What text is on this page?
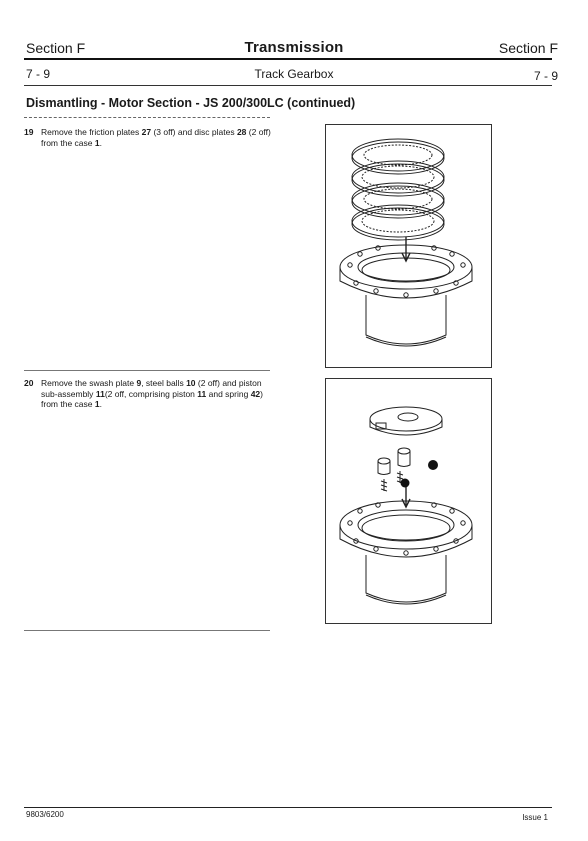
Section F	Transmission	Section F
7 - 9	Track Gearbox	7 - 9
Dismantling - Motor Section - JS 200/300LC (continued)
19 Remove the friction plates 27 (3 off) and disc plates 28 (2 off) from the case 1.
20 Remove the swash plate 9, steel balls 10 (2 off) and piston sub-assembly 11(2 off, comprising piston 11 and spring 42) from the case 1.
9803/6200	Issue 1
